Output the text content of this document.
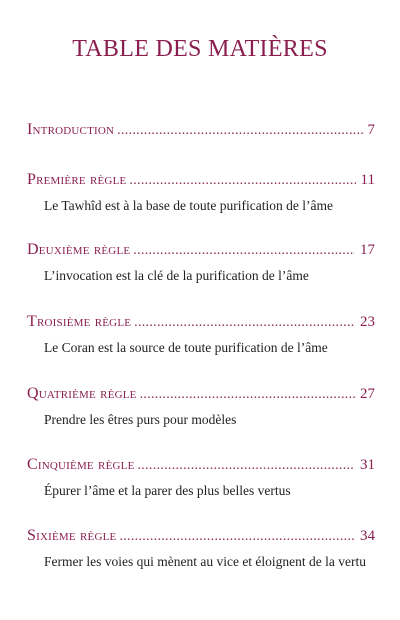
TABLE DES MATIÈRES
Introduction . . .	7
Première règle . . .	11
Le Tawhîd est à la base de toute purification de l’âme
Deuxième règle . . .	17
L’invocation est la clé de la purification de l’âme
Troisième règle . . .	23
Le Coran est la source de toute purification de l’âme
Quatrième règle . . .	27
Prendre les êtres purs pour modèles
Cinquième règle . . .	31
Épurer l’âme et la parer des plus belles vertus
Sixième règle . . .	34
Fermer les voies qui mènent au vice et éloignent de la vertu
